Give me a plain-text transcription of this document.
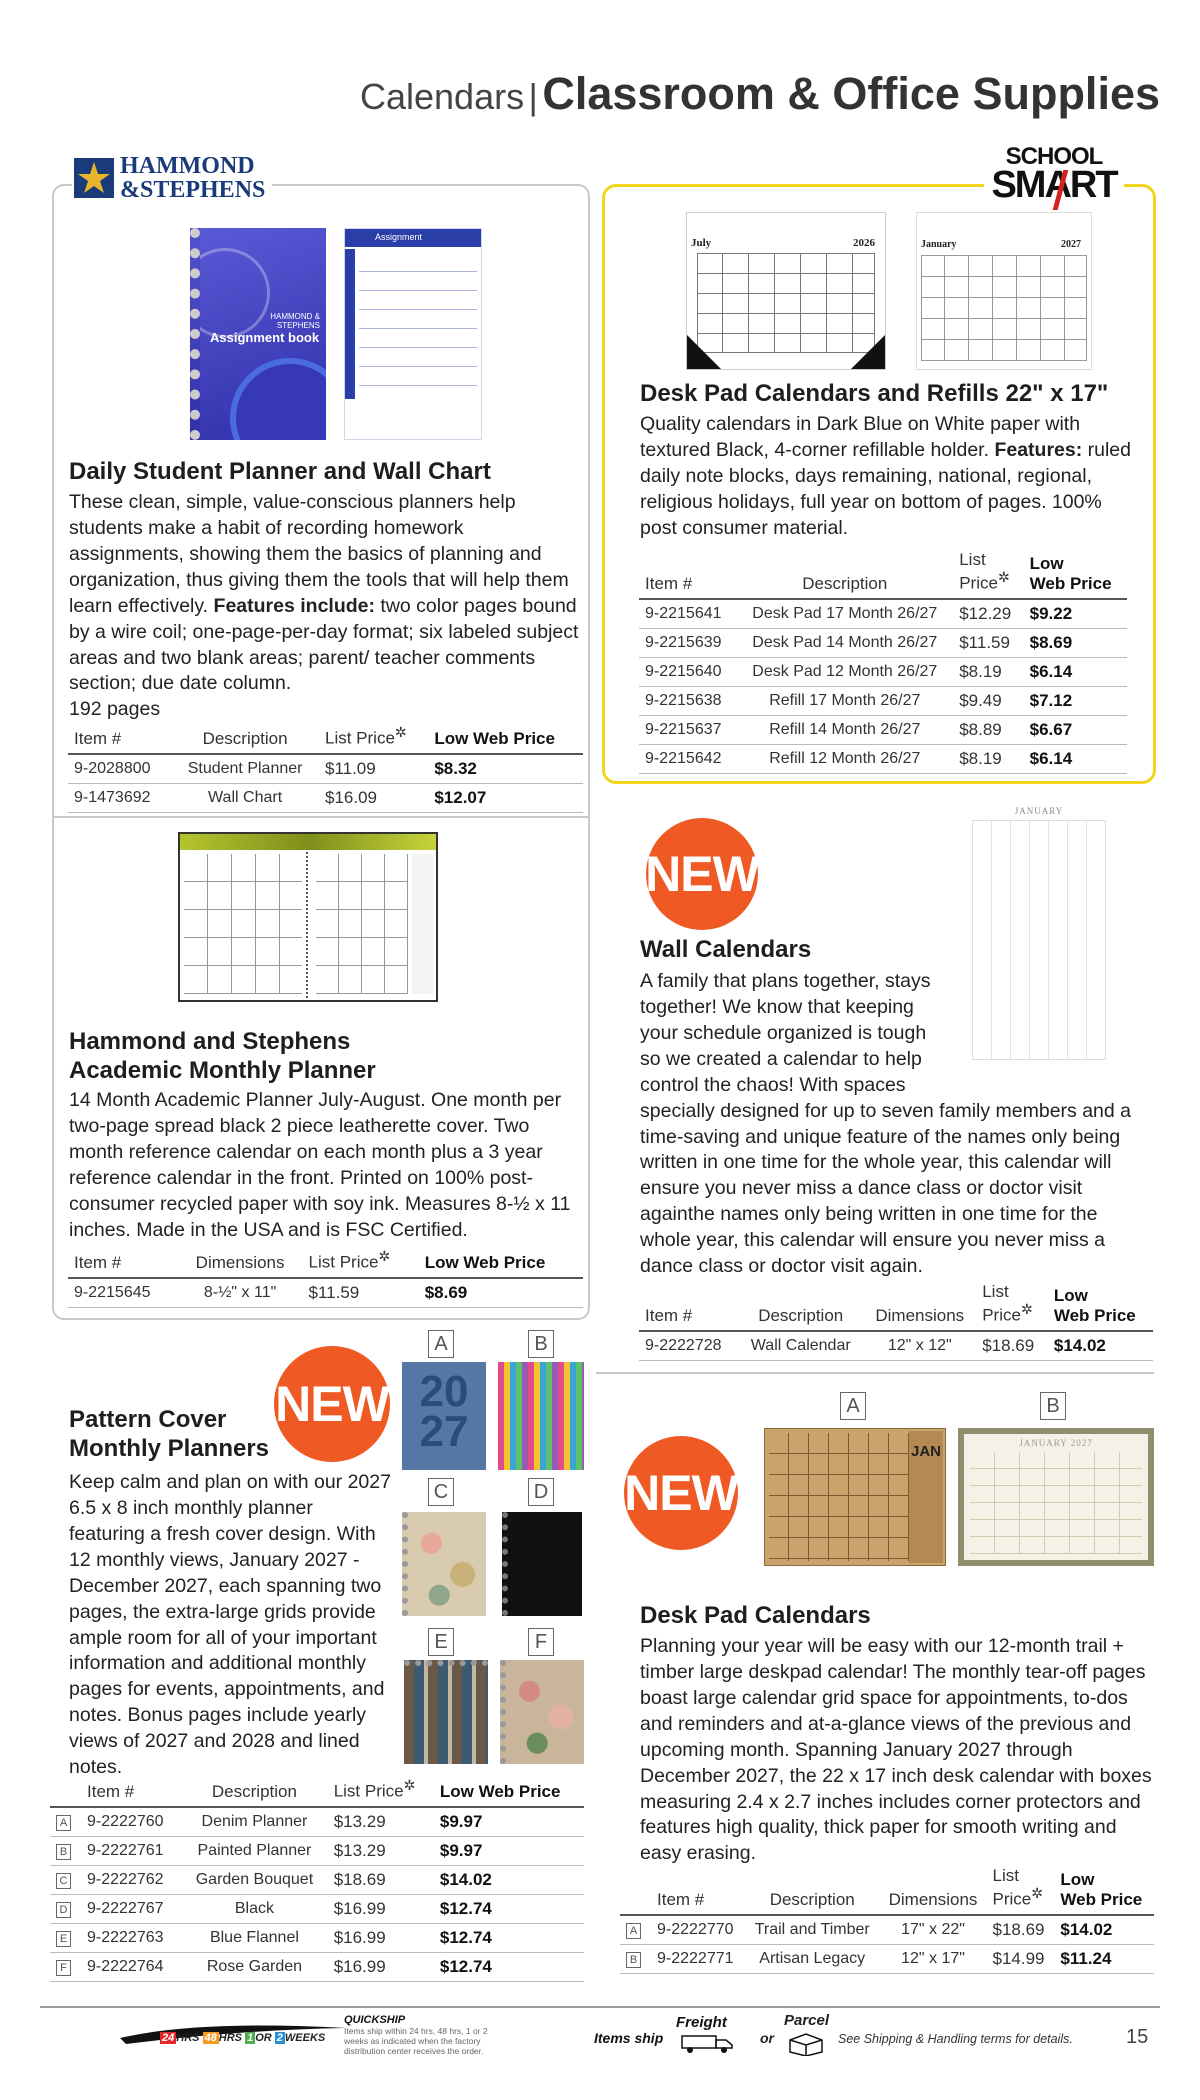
Calendars | Classroom & Office Supplies
HAMMOND
&STEPHENS
HAMMOND & STEPHENS
Assignment book
Assignment
Daily Student Planner and Wall Chart

These clean, simple, value-conscious planners help students make a habit of recording homework assignments, showing them the basics of planning and organization, thus giving them the tools that will help them learn effectively. Features include: two color pages bound by a wire coil; one-page-per-day format; six labeled subject areas and two blank areas; parent/ teacher comments section; due date column.
192 pages

Item #	Description	List Price✲	Low Web Price
9-2028800	Student Planner	$11.09	$8.32
9-1473692	Wall Chart	$16.09	$12.07
Hammond and Stephens
Academic Monthly Planner

14 Month Academic Planner July-August. One month per two-page spread black 2 piece leatherette cover. Two month reference calendar on each month plus a 3 year reference calendar in the front. Printed on 100% post-consumer recycled paper with soy ink. Measures 8-½ x 11 inches. Made in the USA and is FSC Certified.

Item #	Dimensions	List Price✲	Low Web Price
9-2215645	8-½" x 11"	$11.59	$8.69
SCHOOL
SMART
July	2026	January	2027
Desk Pad Calendars and Refills 22" x 17"

Quality calendars in Dark Blue on White paper with textured Black, 4-corner refillable holder. Features: ruled daily note blocks, days remaining, national, regional, religious holidays, full year on bottom of pages. 100% post consumer material.

Item #	Description	List
Price✲	Low
Web Price
9-2215641	Desk Pad 17 Month 26/27	$12.29	$9.22
9-2215639	Desk Pad 14 Month 26/27	$11.59	$8.69
9-2215640	Desk Pad 12 Month 26/27	$8.19	$6.14
9-2215638	Refill 17 Month 26/27	$9.49	$7.12
9-2215637	Refill 14 Month 26/27	$8.89	$6.67
9-2215642	Refill 12 Month 26/27	$8.19	$6.14
NEW
JANUARY
Wall Calendars

A family that plans together, stays

together! We know that keeping

your schedule organized is tough

so we created a calendar to help

control the chaos! With spaces

specially designed for up to seven family members and a time-saving and unique feature of the names only being written in one time for the whole year, this calendar will ensure you never miss a dance class or doctor visit againthe names only being written in one time for the whole year, this calendar will ensure you never miss a dance class or doctor visit again.

Item #	Description	Dimensions	List
Price✲	Low
Web Price
9-2222728	Wall Calendar	12" x 12"	$18.69	$14.02
NEW
A	B
C	D
E	F
20
27
Pattern Cover
Monthly Planners

Keep calm and plan on with our 2027 6.5 x 8 inch monthly planner featuring a fresh cover design. With 12 monthly views, January 2027 - December 2027, each spanning two pages, the extra-large grids provide ample room for all of your important information and additional monthly pages for events, appointments, and notes. Bonus pages include yearly views of 2027 and 2028 and lined notes.

	Item #	Description	List Price✲	Low Web Price
A	9-2222760	Denim Planner	$13.29	$9.97
B	9-2222761	Painted Planner	$13.29	$9.97
C	9-2222762	Garden Bouquet	$18.69	$14.02
D	9-2222767	Black	$16.99	$12.74
E	9-2222763	Blue Flannel	$16.99	$12.74
F	9-2222764	Rose Garden	$16.99	$12.74
NEW
A	B
JAN	JANUARY 2027
Desk Pad Calendars

Planning your year will be easy with our 12-month trail + timber large deskpad calendar! The monthly tear-off pages boast large calendar grid space for appointments, to-dos and reminders and at-a-glance views of the previous and upcoming month. Spanning January 2027 through December 2027, the 22 x 17 inch desk calendar with boxes measuring 2.4 x 2.7 inches includes corner protectors and features high quality, thick paper for smooth writing and easy erasing.

	Item #	Description	Dimensions	List
Price✲	Low
Web Price
A	9-2222770	Trail and Timber	17" x 22"	$18.69	$14.02
B	9-2222771	Artisan Legacy	12" x 17"	$14.99	$11.24
24 HRS 48 HRS 1 OR 2 WEEKS
QUICKSHIP
Items ship within 24 hrs, 48 hrs, 1 or 2 weeks as indicated when the factory distribution center receives the order.
Items ship
Freight
or
Parcel
See Shipping & Handling terms for details.	15
